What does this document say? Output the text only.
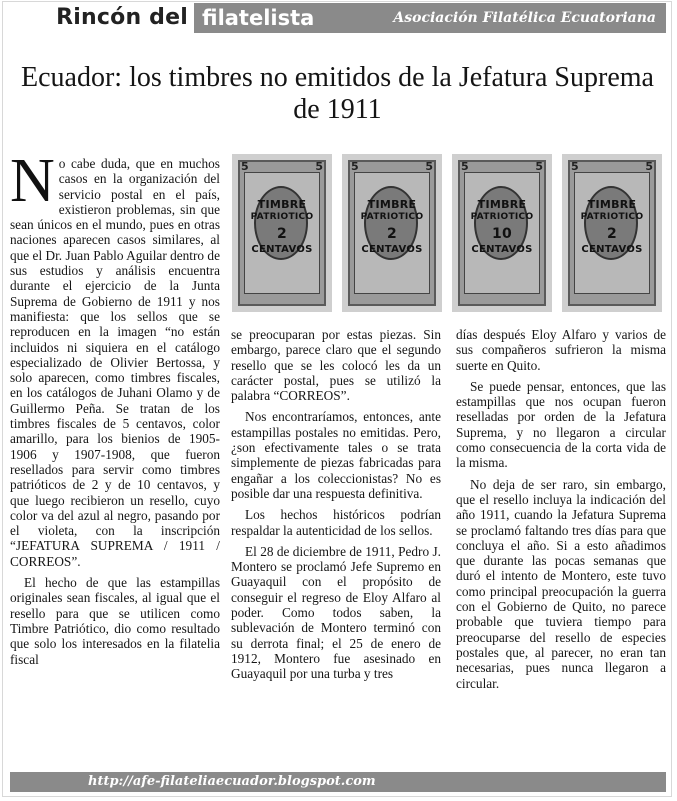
Rincón del filatelista	Asociación Filatélica Ecuatoriana
Ecuador: los timbres no emitidos de la Jefatura Suprema de 1911
N o cabe duda, que en muchos casos en la organización del servicio postal en el país, existieron problemas, sin que sean únicos en el mundo, pues en otras naciones aparecen casos similares, al que el Dr. Juan Pablo Aguilar dentro de sus estudios y análisis encuentra durante el ejercicio de la Junta Suprema de Gobierno de 1911 y nos manifiesta: que los sellos que se reproducen en la imagen “no están incluidos ni siquiera en el catálogo especializado de Olivier Bertossa, y solo aparecen, como timbres fiscales, en los catálogos de Juhani Olamo y de Guillermo Peña. Se tratan de los timbres fiscales de 5 centavos, color amarillo, para los bienios de 1905-1906 y 1907-1908, que fueron resellados para servir como timbres patrióticos de 2 y de 10 centavos, y que luego recibieron un resello, cuyo color va del azul al negro, pasando por el violeta, con la inscripción “JEFATURA SUPREMA / 1911 / CORREOS”.

El hecho de que las estampillas originales sean fiscales, al igual que el resello para que se utilicen como Timbre Patriótico, dio como resultado que solo los interesados en la filatelia fiscal

5	5
TIMBRE
PATRIOTICO
2
CENTAVOS
5	5
TIMBRE
PATRIOTICO
2
CENTAVOS
5	5
TIMBRE
PATRIOTICO
10
CENTAVOS
5	5
TIMBRE
PATRIOTICO
2
CENTAVOS

se preocuparan por estas piezas. Sin embargo, parece claro que el segundo resello que se les colocó les da un carácter postal, pues se utilizó la palabra “CORREOS”.

Nos encontraríamos, entonces, ante estampillas postales no emitidas. Pero, ¿son efectivamente tales o se trata simplemente de piezas fabricadas para engañar a los coleccionistas? No es posible dar una respuesta definitiva.

Los hechos históricos podrían respaldar la autenticidad de los sellos.

El 28 de diciembre de 1911, Pedro J. Montero se proclamó Jefe Supremo en Guayaquil con el propósito de conseguir el regreso de Eloy Alfaro al poder. Como todos saben, la sublevación de Montero terminó con su derrota final; el 25 de enero de 1912, Montero fue asesinado en Guayaquil por una turba y tres

días después Eloy Alfaro y varios de sus compañeros sufrieron la misma suerte en Quito.

Se puede pensar, entonces, que las estampillas que nos ocupan fueron reselladas por orden de la Jefatura Suprema, y no llegaron a circular como consecuencia de la corta vida de la misma.

No deja de ser raro, sin embargo, que el resello incluya la indicación del año 1911, cuando la Jefatura Suprema se proclamó faltando tres días para que concluya el año. Si a esto añadimos que durante las pocas semanas que duró el intento de Montero, este tuvo como principal preocupación la guerra con el Gobierno de Quito, no parece probable que tuviera tiempo para preocuparse del resello de especies postales que, al parecer, no eran tan necesarias, pues nunca llegaron a circular.

http://afe-filateliaecuador.blogspot.com
